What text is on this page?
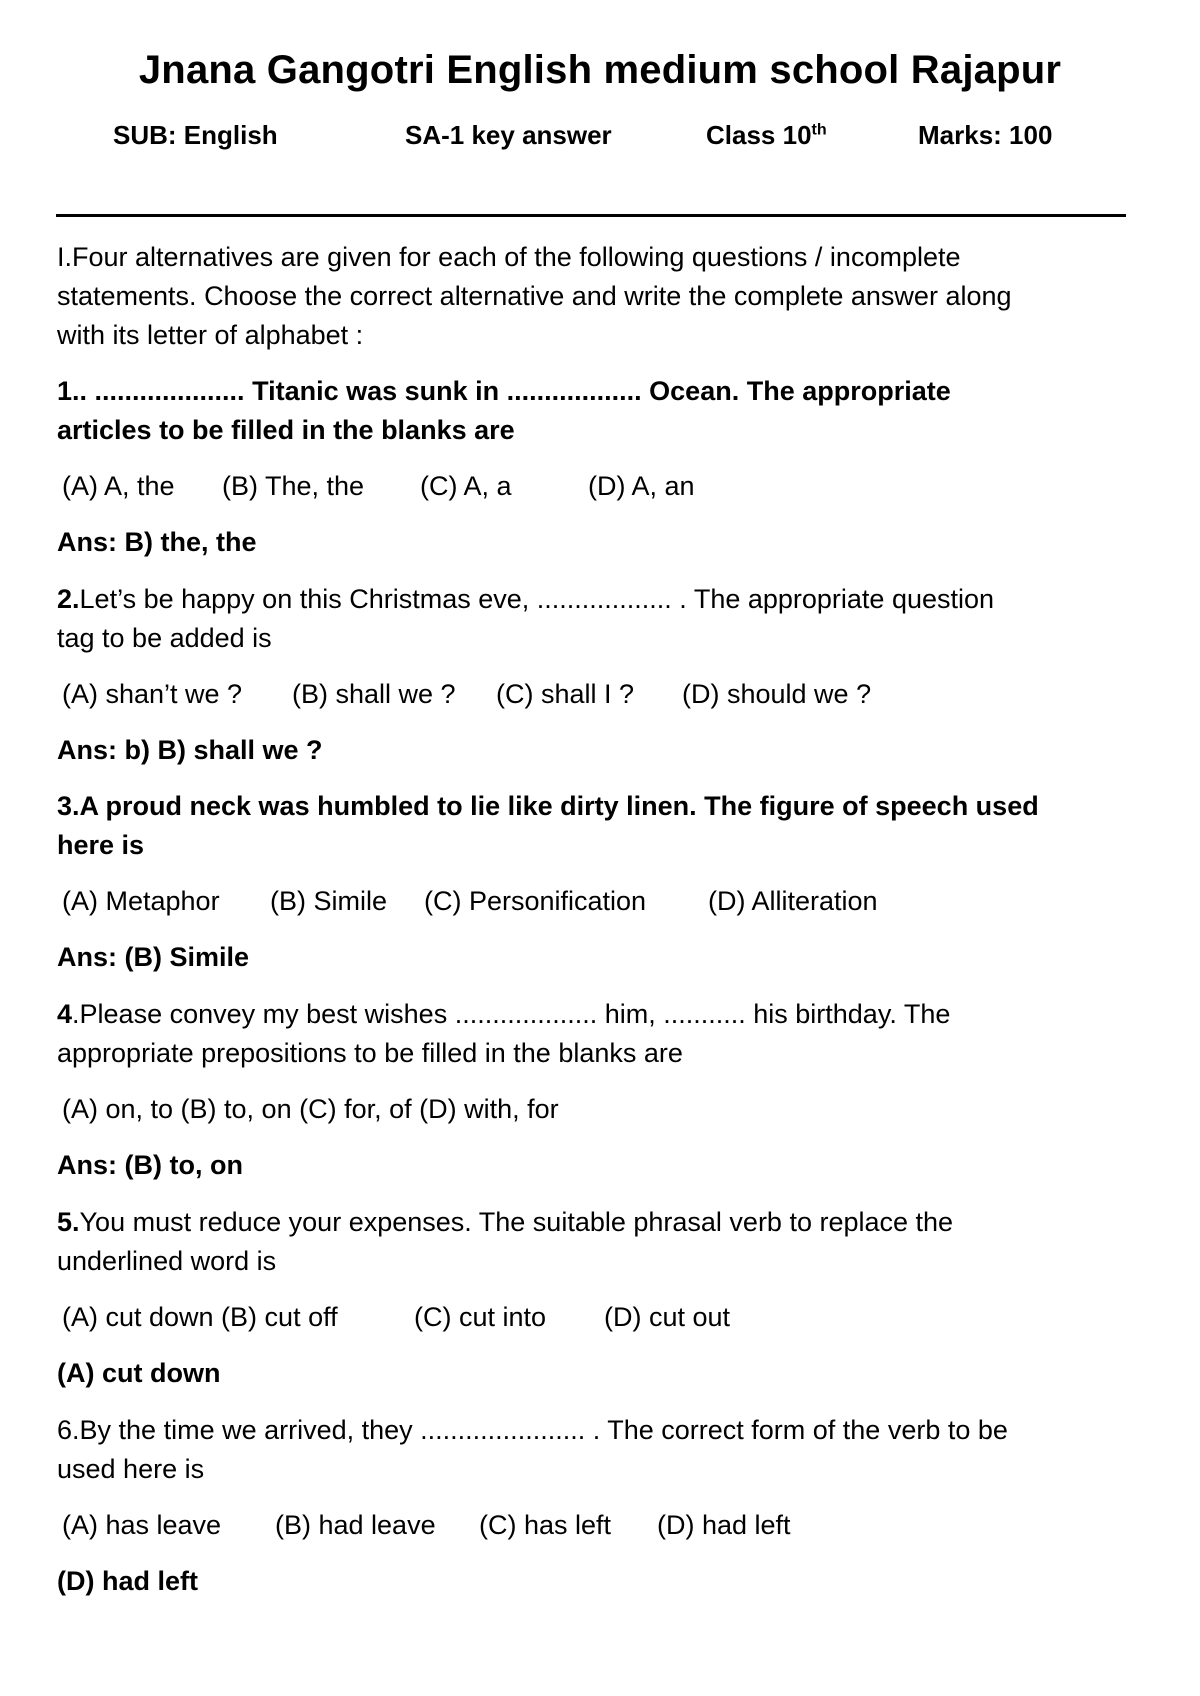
Jnana Gangotri English medium school Rajapur
SUB: English	SA-1 key answer	Class 10th	Marks: 100
I.Four alternatives are given for each of the following questions / incomplete
statements. Choose the correct alternative and write the complete answer along
with its letter of alphabet :
1.. .................... Titanic was sunk in .................. Ocean. The appropriate
articles to be filled in the blanks are
(A) A, the (B) The, the (C) A, a	(D) A, an
Ans: B) the, the
2.Let’s be happy on this Christmas eve, .................. . The appropriate question
tag to be added is
(A) shan’t we ? (B) shall we ? (C) shall I ? (D) should we ?
Ans: b) B) shall we ?
3.A proud neck was humbled to lie like dirty linen. The figure of speech used
here is
(A) Metaphor (B) Simile (C) Personification (D) Alliteration
Ans: (B) Simile
4.Please convey my best wishes ................... him, ........... his birthday. The
appropriate prepositions to be filled in the blanks are
(A) on, to (B) to, on (C) for, of (D) with, for
Ans: (B) to, on
5.You must reduce your expenses. The suitable phrasal verb to replace the
underlined word is
(A) cut down (B) cut off	(C) cut into (D) cut out
(A) cut down
6.By the time we arrived, they ...................... . The correct form of the verb to be
used here is
(A) has leave (B) had leave (C) has left (D) had left
(D) had left
